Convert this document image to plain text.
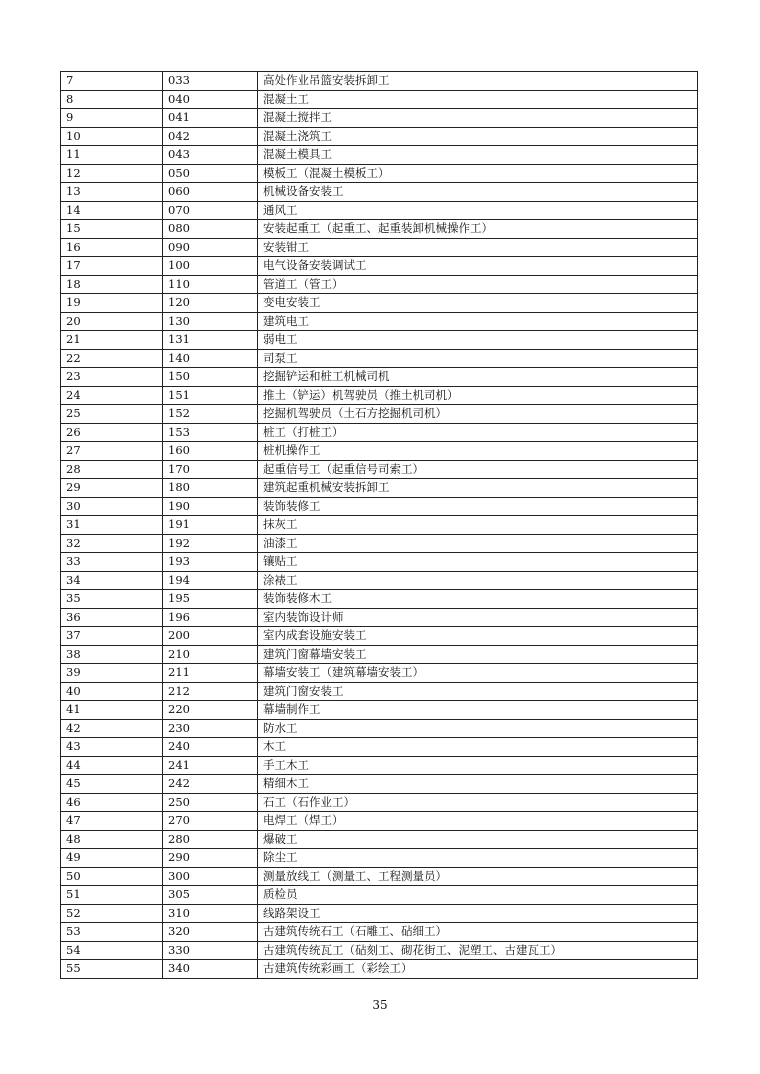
7	033	高处作业吊篮安装拆卸工
8	040	混凝土工
9	041	混凝土搅拌工
10	042	混凝土浇筑工
11	043	混凝土模具工
12	050	模板工（混凝土模板工）
13	060	机械设备安装工
14	070	通风工
15	080	安装起重工（起重工、起重装卸机械操作工）
16	090	安装钳工
17	100	电气设备安装调试工
18	110	管道工（管工）
19	120	变电安装工
20	130	建筑电工
21	131	弱电工
22	140	司泵工
23	150	挖掘铲运和桩工机械司机
24	151	推土（铲运）机驾驶员（推土机司机）
25	152	挖掘机驾驶员（土石方挖掘机司机）
26	153	桩工（打桩工）
27	160	桩机操作工
28	170	起重信号工（起重信号司索工）
29	180	建筑起重机械安装拆卸工
30	190	装饰装修工
31	191	抹灰工
32	192	油漆工
33	193	镶贴工
34	194	涂裱工
35	195	装饰装修木工
36	196	室内装饰设计师
37	200	室内成套设施安装工
38	210	建筑门窗幕墙安装工
39	211	幕墙安装工（建筑幕墙安装工）
40	212	建筑门窗安装工
41	220	幕墙制作工
42	230	防水工
43	240	木工
44	241	手工木工
45	242	精细木工
46	250	石工（石作业工）
47	270	电焊工（焊工）
48	280	爆破工
49	290	除尘工
50	300	测量放线工（测量工、工程测量员）
51	305	质检员
52	310	线路架设工
53	320	古建筑传统石工（石雕工、砧细工）
54	330	古建筑传统瓦工（砧刻工、砌花街工、泥塑工、古建瓦工）
55	340	古建筑传统彩画工（彩绘工）
35
